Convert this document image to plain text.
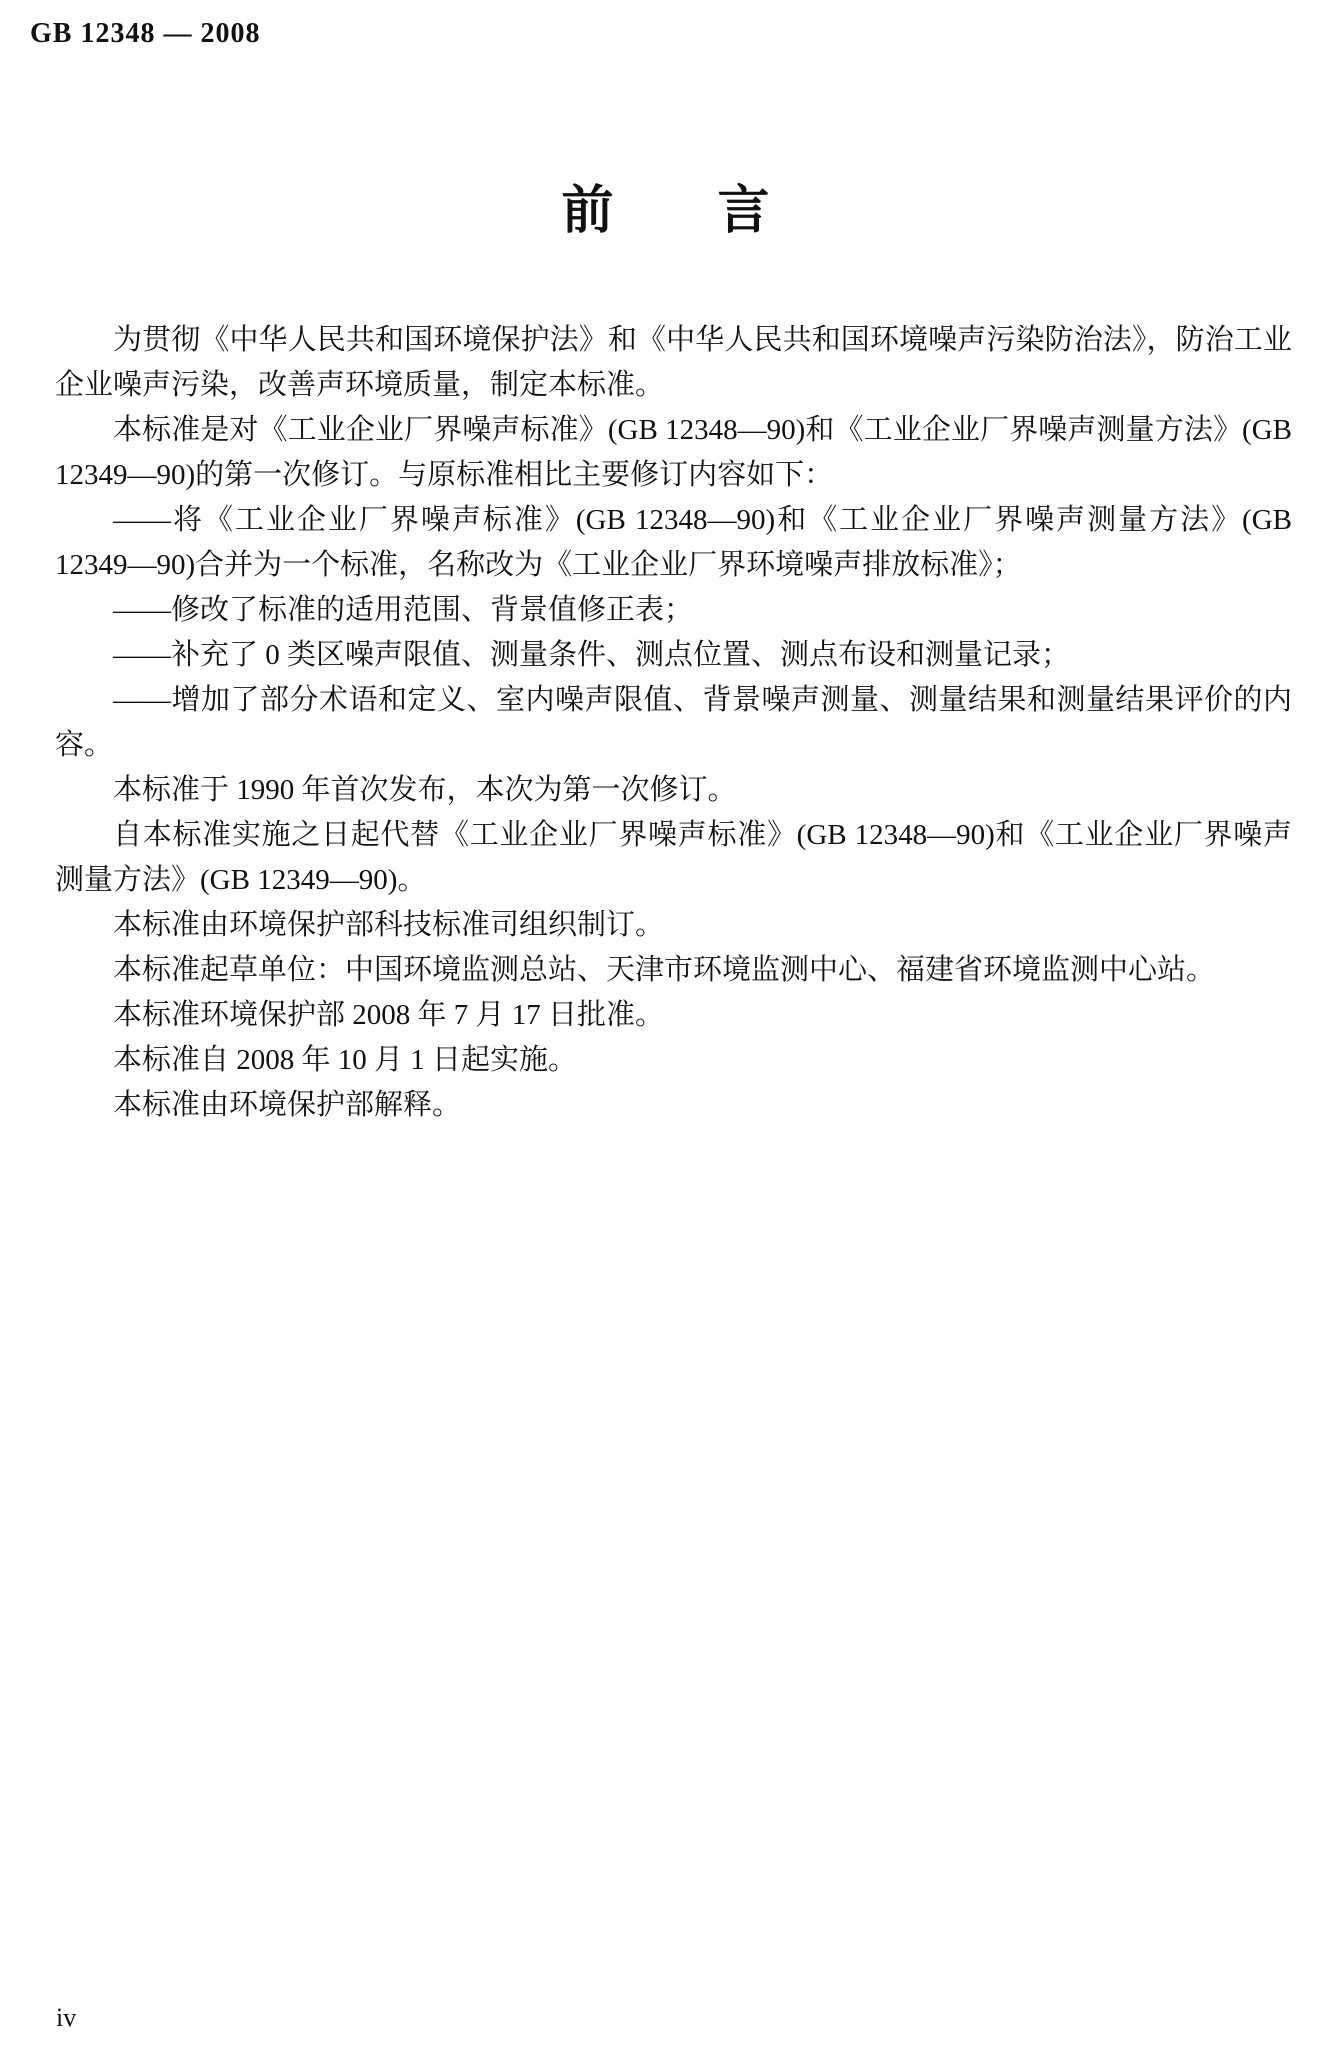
GB 12348 — 2008
前　　言

为贯彻《中华人民共和国环境保护法》和《中华人民共和国环境噪声污染防治法》，防治工业企业噪声污染，改善声环境质量，制定本标准。

本标准是对《工业企业厂界噪声标准》(GB 12348—90)和《工业企业厂界噪声测量方法》(GB 12349—90)的第一次修订。与原标准相比主要修订内容如下：

——将《工业企业厂界噪声标准》(GB 12348—90)和《工业企业厂界噪声测量方法》(GB 12349—90)合并为一个标准，名称改为《工业企业厂界环境噪声排放标准》；

——修改了标准的适用范围、背景值修正表；

——补充了 0 类区噪声限值、测量条件、测点位置、测点布设和测量记录；

——增加了部分术语和定义、室内噪声限值、背景噪声测量、测量结果和测量结果评价的内容。

本标准于 1990 年首次发布，本次为第一次修订。

自本标准实施之日起代替《工业企业厂界噪声标准》(GB 12348—90)和《工业企业厂界噪声测量方法》(GB 12349—90)。

本标准由环境保护部科技标准司组织制订。

本标准起草单位：中国环境监测总站、天津市环境监测中心、福建省环境监测中心站。

本标准环境保护部 2008 年 7 月 17 日批准。

本标准自 2008 年 10 月 1 日起实施。

本标准由环境保护部解释。

iv
